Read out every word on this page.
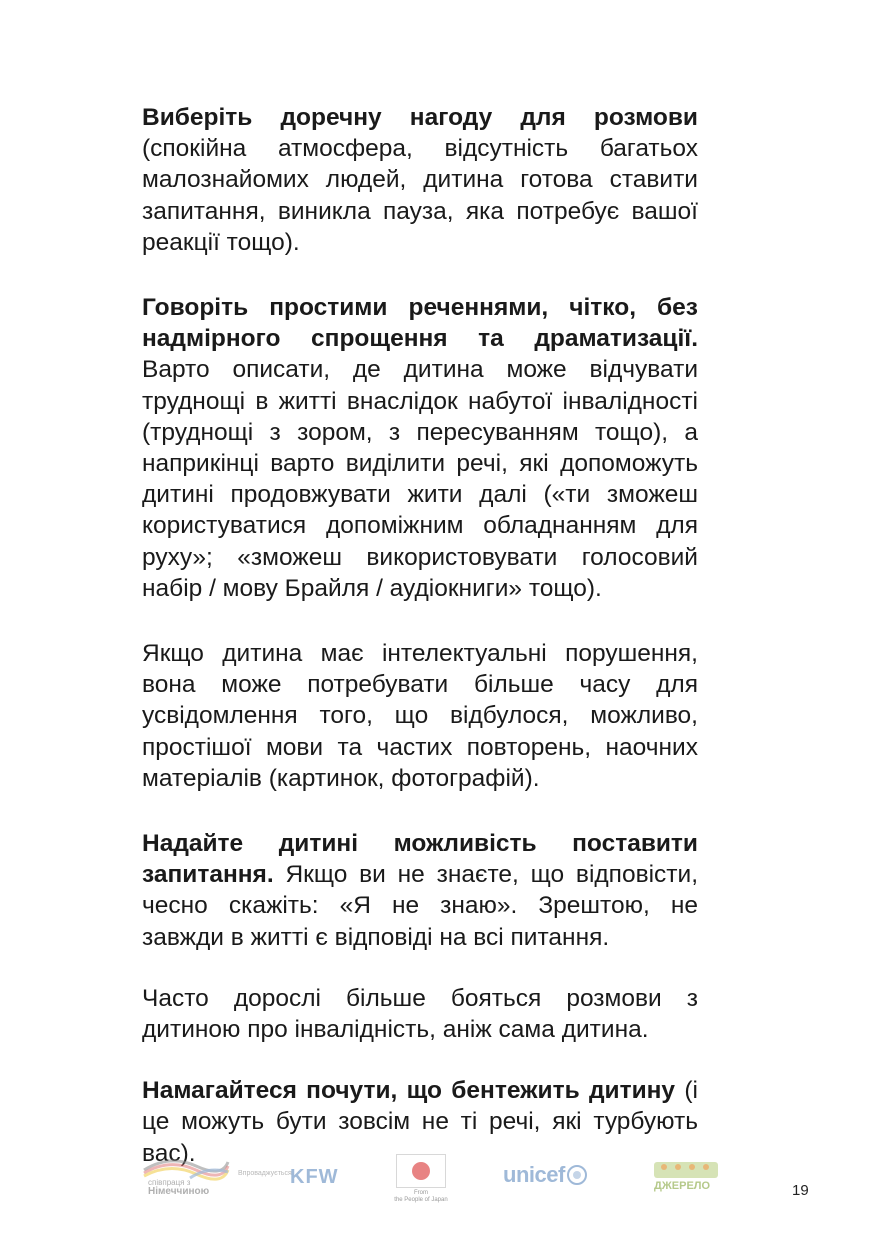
Виберіть доречну нагоду для розмови (спокійна атмосфера, відсутність багатьох малознайомих людей, дитина готова ставити запитання, виникла пауза, яка потребує вашої реакції тощо).

Говоріть простими реченнями, чітко, без надмірного спрощення та драматизації. Варто описати, де дитина може відчувати труднощі в житті внаслідок набутої інвалідності (труднощі з зором, з пересуванням тощо), а наприкінці варто виділити речі, які допоможуть дитині продовжувати жити далі («ти зможеш користуватися допоміжним обладнанням для руху»; «зможеш використовувати голосовий набір / мову Брайля / аудіокниги» тощо).

Якщо дитина має інтелектуальні порушення, вона може потребувати більше часу для усвідомлення того, що відбулося, можливо, простішої мови та частих повторень, наочних матеріалів (картинок, фотографій).

Надайте дитині можливість поставити запитання. Якщо ви не знаєте, що відповісти, чесно скажіть: «Я не знаю». Зрештою, не завжди в житті є відповіді на всі питання.

Часто дорослі більше бояться розмови з дитиною про інвалідність, аніж сама дитина.

Намагайтеся почути, що бентежить дитину (і це можуть бути зовсім не ті речі, які турбують вас).

співпраця з
Німеччиною
Впроваджується
KFW
From
the People of Japan
unicef	ДЖЕРЕЛО	19
